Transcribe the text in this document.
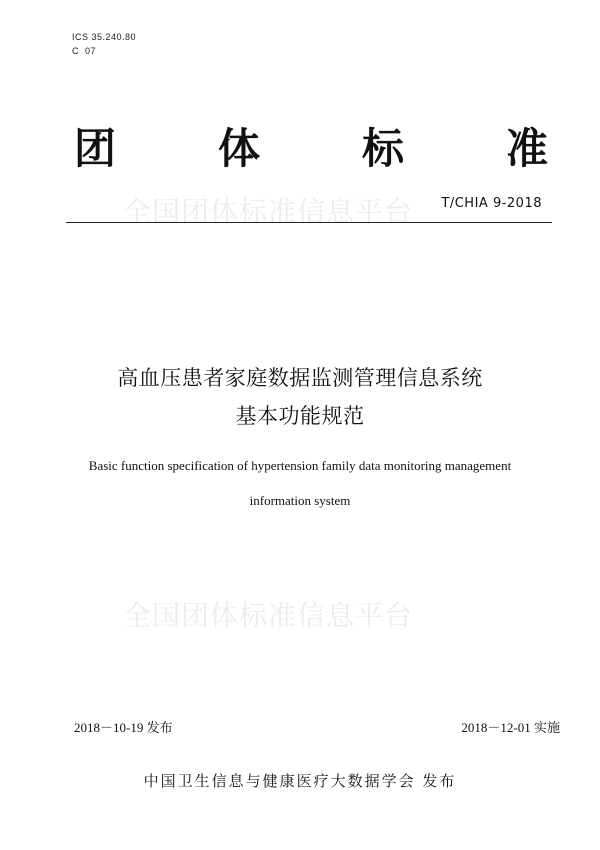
ICS 35.240.80
C  07
团 体 标 准
全国团体标准信息平台 T/CHIA 9-2018
高血压患者家庭数据监测管理信息系统
基本功能规范
Basic function specification of hypertension family data monitoring management
information system
全国团体标准信息平台
2018－10-19 发布	2018－12-01 实施
中国卫生信息与健康医疗大数据学会 发布
